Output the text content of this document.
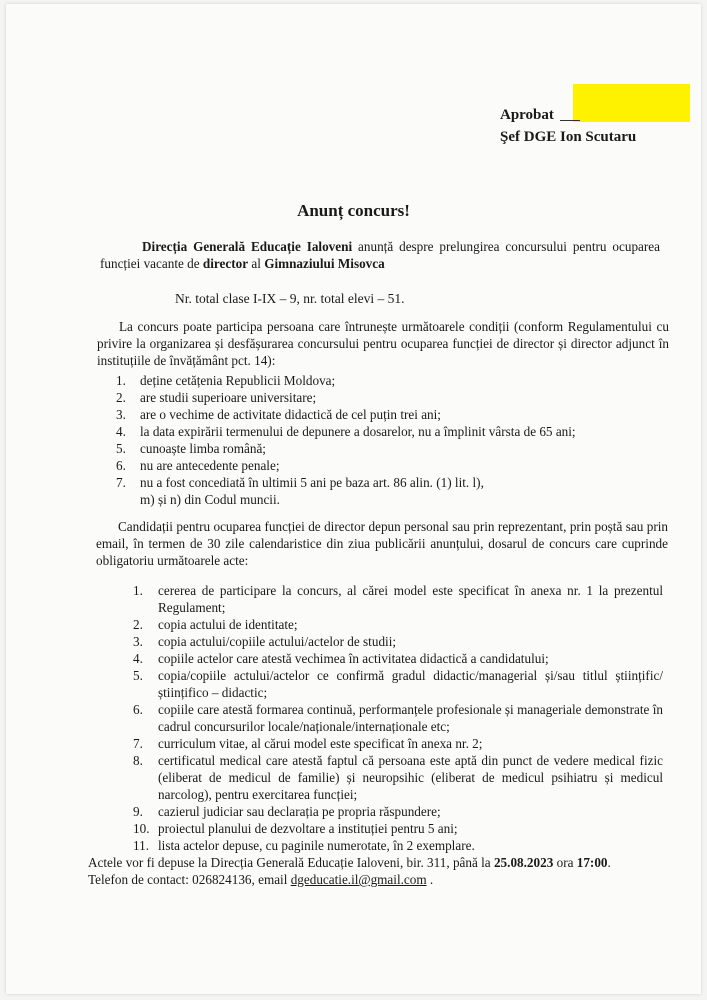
Aprobat
Şef DGE Ion Scutaru
Anunț concurs!
Direcția Generală Educație Ialoveni anunță despre prelungirea concursului pentru ocuparea funcției vacante de director al Gimnaziului Misovca
Nr. total clase I-IX – 9, nr. total elevi – 51.
La concurs poate participa persoana care întrunește următoarele condiții (conform Regulamentului cu privire la organizarea și desfășurarea concursului pentru ocuparea funcției de director și director adjunct în instituțiile de învățământ pct. 14):
1.	deține cetățenia Republicii Moldova;
2.	are studii superioare universitare;
3.	are o vechime de activitate didactică de cel puțin trei ani;
4.	la data expirării termenului de depunere a dosarelor, nu a împlinit vârsta de 65 ani;
5.	cunoaște limba română;
6.	nu are antecedente penale;
7.	nu a fost concediată în ultimii 5 ani pe baza art. 86 alin. (1) lit. l), m) și n) din Codul muncii.
Candidații pentru ocuparea funcției de director depun personal sau prin reprezentant, prin poștă sau prin email, în termen de 30 zile calendaristice din ziua publicării anunțului, dosarul de concurs care cuprinde obligatoriu următoarele acte:
1.	cererea de participare la concurs, al cărei model este specificat în anexa nr. 1 la prezentul Regulament;
2.	copia actului de identitate;
3.	copia actului/copiile actului/actelor de studii;
4.	copiile actelor care atestă vechimea în activitatea didactică a candidatului;
5.	copia/copiile actului/actelor ce confirmă gradul didactic/managerial și/sau titlul științific/științifico – didactic;
6.	copiile care atestă formarea continuă, performanțele profesionale și manageriale demonstrate în cadrul concursurilor locale/naționale/internaționale etc;
7.	curriculum vitae, al cărui model este specificat în anexa nr. 2;
8.	certificatul medical care atestă faptul că persoana este aptă din punct de vedere medical fizic (eliberat de medicul de familie) și neuropsihic (eliberat de medicul psihiatru și medicul narcolog), pentru exercitarea funcției;
9.	cazierul judiciar sau declarația pe propria răspundere;
10. proiectul planului de dezvoltare a instituției pentru 5 ani;
11. lista actelor depuse, cu paginile numerotate, în 2 exemplare.
Actele vor fi depuse la Direcția Generală Educație Ialoveni, bir. 311, până la 25.08.2023 ora 17:00.
Telefon de contact: 026824136, email dgeducatie.il@gmail.com .
